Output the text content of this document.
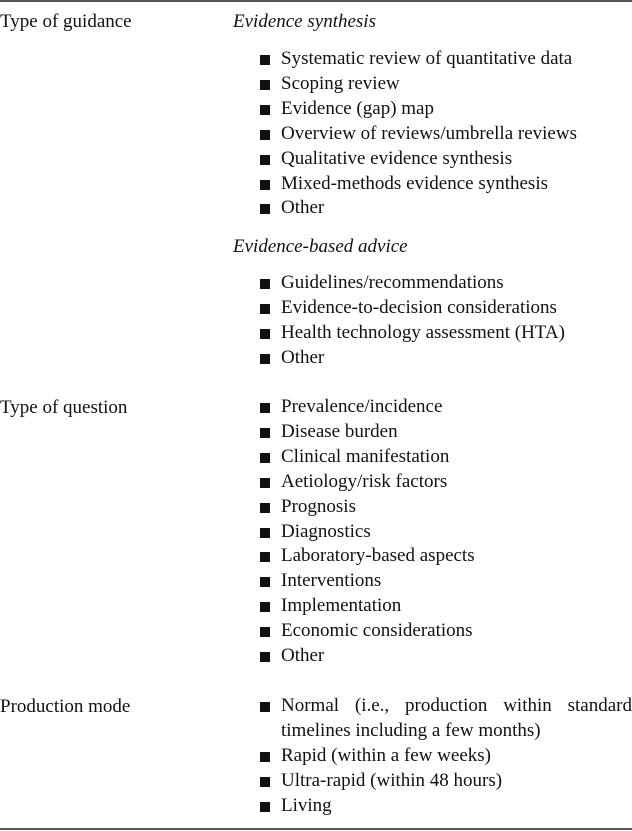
Type of guidance	Evidence synthesis
Systematic review of quantitative data
Scoping review
Evidence (gap) map
Overview of reviews/umbrella reviews
Qualitative evidence synthesis
Mixed-methods evidence synthesis
Other
Evidence-based advice
Guidelines/recommendations
Evidence-to-decision considerations
Health technology assessment (HTA)
Other
Type of question	Prevalence/incidence
Disease burden
Clinical manifestation
Aetiology/risk factors
Prognosis
Diagnostics
Laboratory-based aspects
Interventions
Implementation
Economic considerations
Other
Production mode	Normal (i.e., production within standard timelines including a few months)
Rapid (within a few weeks)
Ultra-rapid (within 48 hours)
Living
